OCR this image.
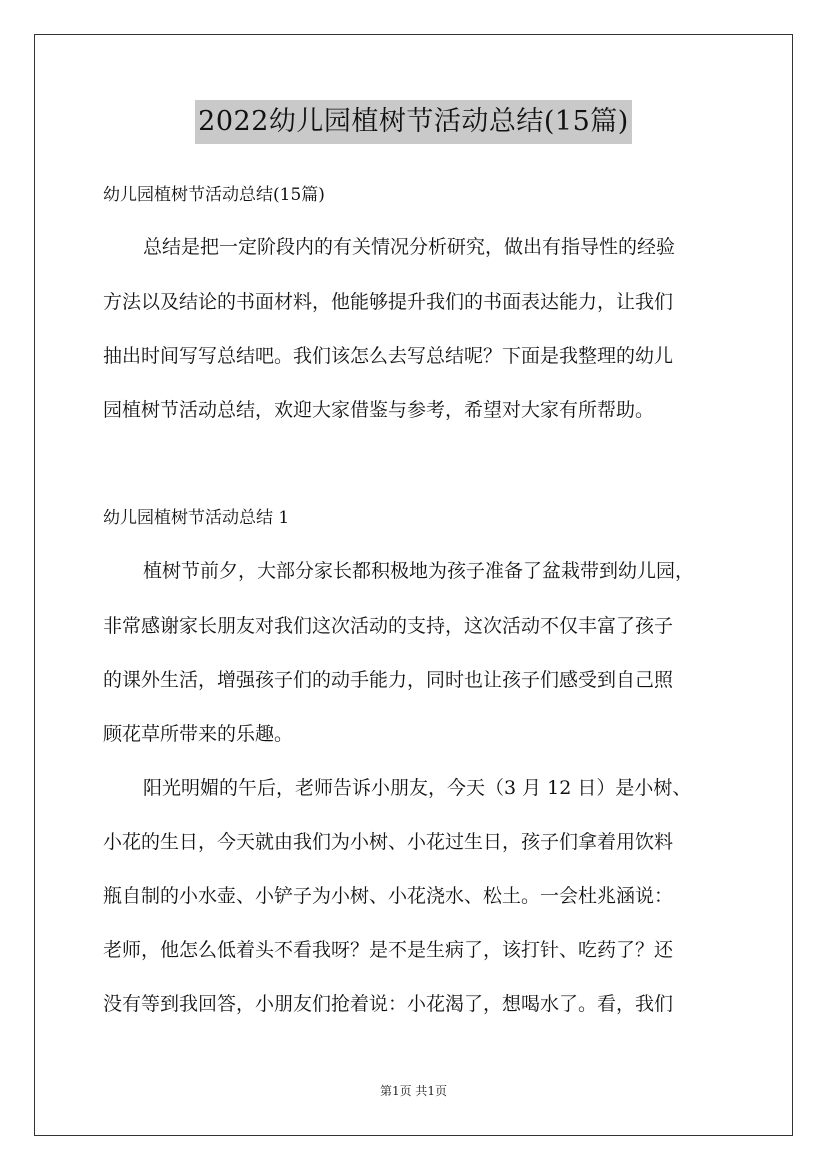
2022幼儿园植树节活动总结(15篇)
幼儿园植树节活动总结(15篇)
总结是把一定阶段内的有关情况分析研究，做出有指导性的经验
方法以及结论的书面材料，他能够提升我们的书面表达能力，让我们
抽出时间写写总结吧。我们该怎么去写总结呢？下面是我整理的幼儿
园植树节活动总结，欢迎大家借鉴与参考，希望对大家有所帮助。
幼儿园植树节活动总结 1
植树节前夕，大部分家长都积极地为孩子准备了盆栽带到幼儿园，
非常感谢家长朋友对我们这次活动的支持，这次活动不仅丰富了孩子
的课外生活，增强孩子们的动手能力，同时也让孩子们感受到自己照
顾花草所带来的乐趣。
阳光明媚的午后，老师告诉小朋友，今天（3 月 12 日）是小树、
小花的生日，今天就由我们为小树、小花过生日，孩子们拿着用饮料
瓶自制的小水壶、小铲子为小树、小花浇水、松土。一会杜兆涵说：
老师，他怎么低着头不看我呀？是不是生病了，该打针、吃药了？还
没有等到我回答，小朋友们抢着说：小花渴了，想喝水了。看，我们
第1页 共1页
